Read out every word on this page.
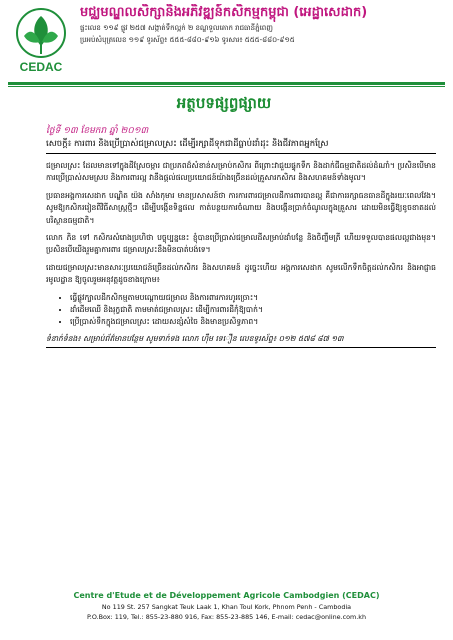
CEDAC
មជ្ឈមណ្ឌលសិក្សានិងអភិវឌ្ឍន៍កសិកម្មកម្ពុជា (អេដ្ឋាសេដាក)
ផ្ទះលេខ ១១៩ ផ្លូវ ២៥៧ សង្កាត់ទឹកល្អក់ ២ ខណ្ឌទួលគោក រាជធានីភ្នំពេញ
ប្រអប់សំបុត្រលេខ ១១៩ ទូរស័ព្ទ៖ ៥៥៥-៨៨០-៩១៦ ទូរសារ៖ ៥៥៥-៨៨០-៩១៥
អត្ថបទផ្សព្វផ្សាយ
ថ្ងៃទី ១៣ ខែមករា ឆ្នាំ ២០១៣
សេចក្តី៖ ការពារ និងប្រើប្រាស់ជម្រាលស្រះ ដើម្បីរក្សាដីទុកជាដីធ្លាប់ដាំដុះ និងជីវភាពអ្នកស្រែ

ជម្រាលស្រះ ដែលមានទៅក្នុងដីស្រែចម្ការ ជាប្រភពដ៏សំខាន់សម្រាប់កសិករ ពីព្រោះវាជួយផ្ទុកទឹក និងដាក់ជីធម្មជាតិដល់ដំណាំ។ ប្រសិនបើមានការប្រើប្រាស់សមស្រប និងការពារល្អ វានឹងផ្តល់ផលប្រយោជន៍យ៉ាងច្រើនដល់គ្រួសារកសិករ និងសហគមន៍ទាំងមូល។

ប្រធានអង្គការសេដាក បណ្ឌិត យ៉ង សាំងកុមារ មានប្រសាសន៍ថា ការការពារជម្រាលដីការពារបានល្អ គឺជាការរក្សាធនធានដីក្នុងរយៈពេលវែង។ សូមឱ្យកសិកររៀនពីវិធីសាស្ត្រថ្មីៗ ដើម្បីបង្កើនទិន្នផល កាត់បន្ថយការចំណាយ និងបង្កើនប្រាក់ចំណូលក្នុងគ្រួសារ ដោយមិនធ្វើឱ្យខូចខាតដល់បរិស្ថានធម្មជាតិ។

លោក ភិន ទៅ កសិករសំរោងប្រហិថា បច្ចុប្បន្ននេះ ខ្ញុំបានប្រើប្រាស់ជម្រាលដីសម្រាប់ដាំបន្លែ និងចិញ្ចឹមត្រី ហើយទទួលបានផលល្អជាងមុន។ ប្រសិនបើយើងរួមគ្នាការពារ ជម្រាលស្រះនឹងមិនបាត់បង់ទេ។

ដោយជម្រាលស្រះមានសារៈប្រយោជន៍ច្រើនដល់កសិករ និងសហគមន៍ ដូច្នេះហើយ អង្គការសេដាក សូមលើកទឹកចិត្តដល់កសិករ និងអាជ្ញាធរមូលដ្ឋាន ឱ្យចូលរួមអនុវត្តដូចខាងក្រោម៖

• ធ្វើផ្លូវក្បាលដីកសិកម្មតាមបណ្តោយជម្រាល និងការពារការហូរច្រោះ។
• ដាំដើមឈើ និងរុក្ខជាតិ តាមមាត់ជម្រាលស្រះ ដើម្បីការពារដីកុំឱ្យបាក់។
• ប្រើប្រាស់ទឹកក្នុងជម្រាលស្រះ ដោយសន្សំសំចៃ និងមានប្រសិទ្ធភាព។
ទំនាក់ទំនង៖ សម្រាប់ព័ត៌មានបន្ថែម សូមទាក់ទង លោក ហ៊ឹម ទេឿន លេខទូរស័ព្ទ៖ ០១២ ៥៧៨ ៨៧ ១៣
Centre d'Etude et de Développement Agricole Cambodgien (CEDAC)
No 119 St. 257 Sangkat Teuk Laak 1, Khan Toul Kork, Phnom Penh - Cambodia
P.O.Box: 119, Tel.: 855-23-880 916, Fax: 855-23-885 146, E-mail: cedac@online.com.kh
